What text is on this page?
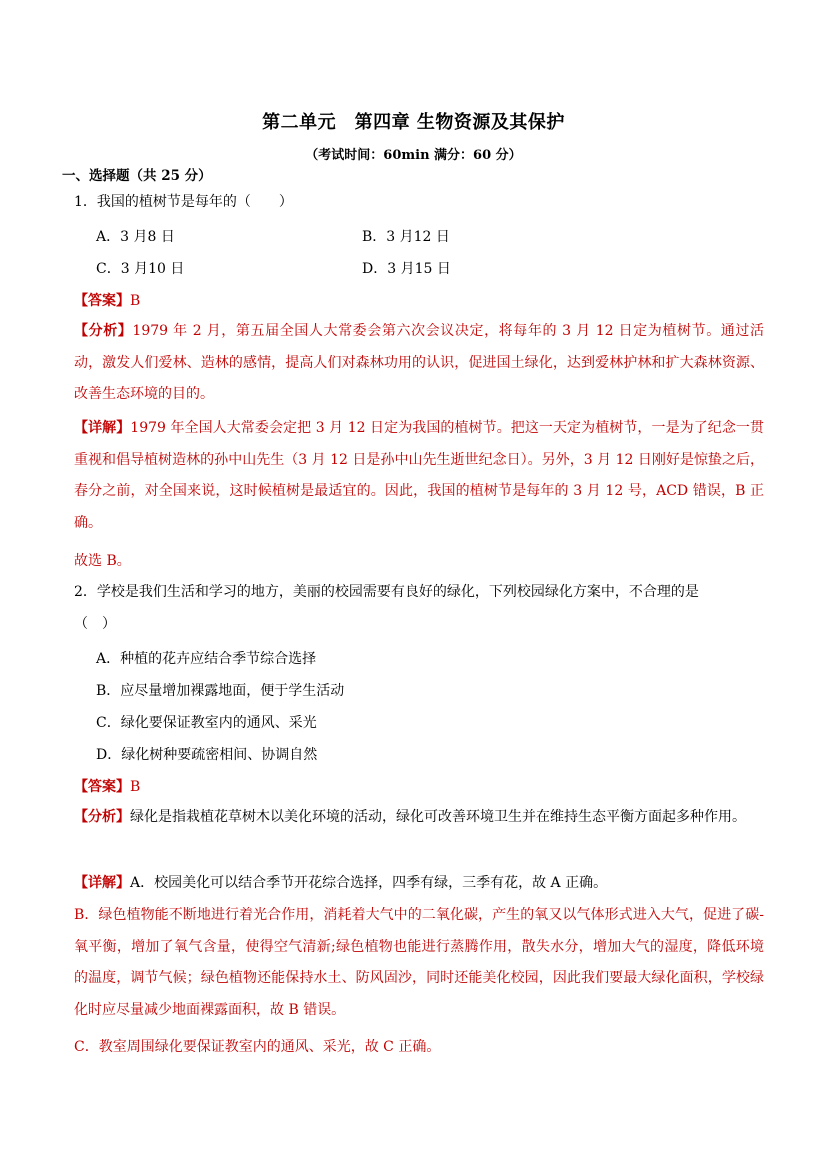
第二单元　第四章 生物资源及其保护
（考试时间：60min 满分：60 分）
一、选择题（共 25 分）
1．我国的植树节是每年的（　　）
A．3 月8 日	B．3 月12 日
C．3 月10 日	D．3 月15 日
【答案】B
【分析】1979 年 2 月，第五届全国人大常委会第六次会议决定，将每年的 3 月 12 日定为植树节。通过活动，激发人们爱林、造林的感情，提高人们对森林功用的认识，促进国土绿化，达到爱林护林和扩大森林资源、改善生态环境的目的。
【详解】1979 年全国人大常委会定把 3 月 12 日定为我国的植树节。把这一天定为植树节，一是为了纪念一贯重视和倡导植树造林的孙中山先生（3 月 12 日是孙中山先生逝世纪念日）。另外，3 月 12 日刚好是惊蛰之后，春分之前，对全国来说，这时候植树是最适宜的。因此，我国的植树节是每年的 3 月 12 号，ACD 错误，B 正确。
故选 B。
2．学校是我们生活和学习的地方，美丽的校园需要有良好的绿化，下列校园绿化方案中，不合理的是
（　）
A．种植的花卉应结合季节综合选择
B．应尽量增加裸露地面，便于学生活动
C．绿化要保证教室内的通风、采光
D．绿化树种要疏密相间、协调自然
【答案】B
【分析】绿化是指栽植花草树木以美化环境的活动，绿化可改善环境卫生并在维持生态平衡方面起多种作用。
【详解】A．校园美化可以结合季节开花综合选择，四季有绿，三季有花，故 A 正确。
B．绿色植物能不断地进行着光合作用，消耗着大气中的二氧化碳，产生的氧又以气体形式进入大气，促进了碳-氧平衡，增加了氧气含量，使得空气清新;绿色植物也能进行蒸腾作用，散失水分，增加大气的湿度，降低环境的温度，调节气候；绿色植物还能保持水土、防风固沙，同时还能美化校园，因此我们要最大绿化面积，学校绿化时应尽量减少地面裸露面积，故 B 错误。
C．教室周围绿化要保证教室内的通风、采光，故 C 正确。
